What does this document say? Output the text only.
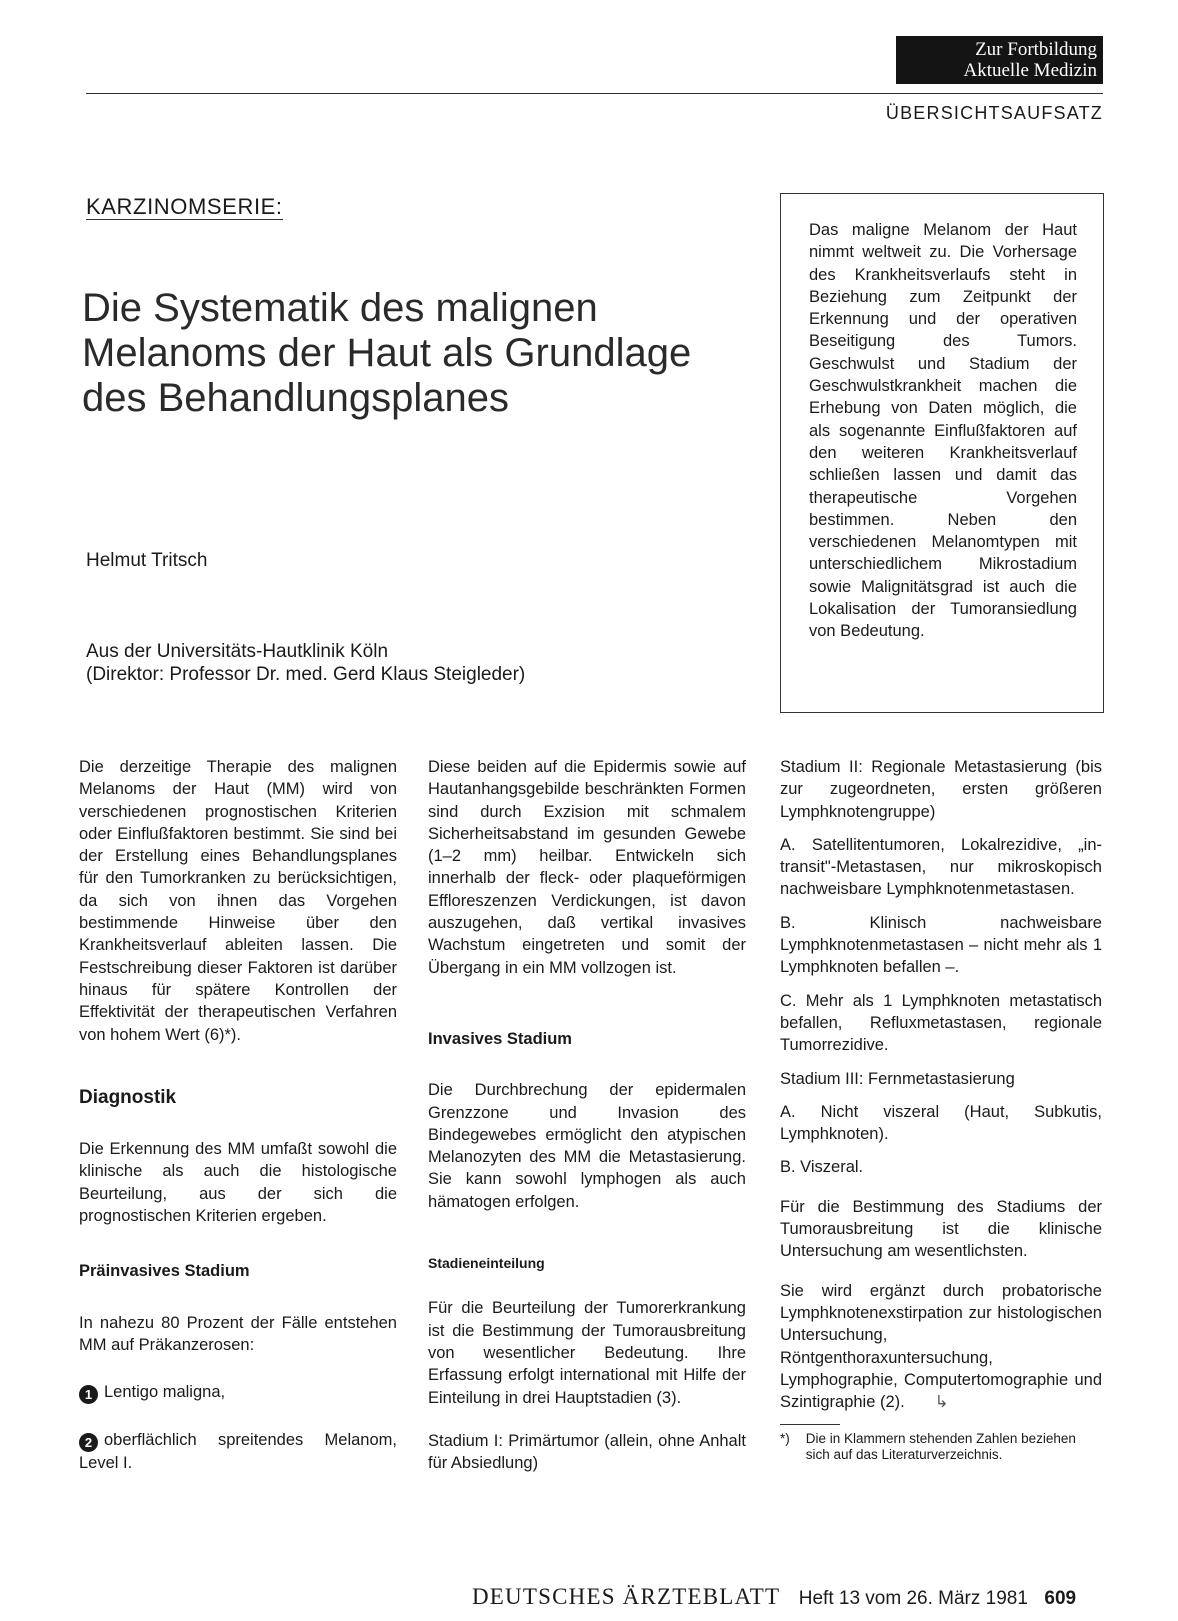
Zur Fortbildung
Aktuelle Medizin
ÜBERSICHTSAUFSATZ
KARZINOMSERIE:
Die Systematik des malignen Melanoms der Haut als Grundlage des Behandlungsplanes
Helmut Tritsch
Aus der Universitäts-Hautklinik Köln
(Direktor: Professor Dr. med. Gerd Klaus Steigleder)
Das maligne Melanom der Haut nimmt weltweit zu. Die Vorhersage des Krankheitsverlaufs steht in Beziehung zum Zeitpunkt der Erkennung und der operativen Beseitigung des Tumors. Geschwulst und Stadium der Geschwulstkrankheit machen die Erhebung von Daten möglich, die als sogenannte Einflußfaktoren auf den weiteren Krankheitsverlauf schließen lassen und damit das therapeutische Vorgehen bestimmen. Neben den verschiedenen Melanomtypen mit unterschiedlichem Mikrostadium sowie Malignitätsgrad ist auch die Lokalisation der Tumoransiedlung von Bedeutung.

Die derzeitige Therapie des malignen Melanoms der Haut (MM) wird von verschiedenen prognostischen Kriterien oder Einflußfaktoren bestimmt. Sie sind bei der Erstellung eines Behandlungsplanes für den Tumorkranken zu berücksichtigen, da sich von ihnen das Vorgehen bestimmende Hinweise über den Krankheitsverlauf ableiten lassen. Die Festschreibung dieser Faktoren ist darüber hinaus für spätere Kontrollen der Effektivität der therapeutischen Verfahren von hohem Wert (6)*).

Diagnostik

Die Erkennung des MM umfaßt sowohl die klinische als auch die histologische Beurteilung, aus der sich die prognostischen Kriterien ergeben.

Präinvasives Stadium

In nahezu 80 Prozent der Fälle entstehen MM auf Präkanzerosen:

1 Lentigo maligna,

2 oberflächlich spreitendes Melanom, Level I.

Diese beiden auf die Epidermis sowie auf Hautanhangsgebilde beschränkten Formen sind durch Exzision mit schmalem Sicherheitsabstand im gesunden Gewebe (1–2 mm) heilbar. Entwickeln sich innerhalb der fleck- oder plaqueförmigen Effloreszenzen Verdickungen, ist davon auszugehen, daß vertikal invasives Wachstum eingetreten und somit der Übergang in ein MM vollzogen ist.

Invasives Stadium

Die Durchbrechung der epidermalen Grenzzone und Invasion des Bindegewebes ermöglicht den atypischen Melanozyten des MM die Metastasierung. Sie kann sowohl lymphogen als auch hämatogen erfolgen.

Stadieneinteilung

Für die Beurteilung der Tumorerkrankung ist die Bestimmung der Tumorausbreitung von wesentlicher Bedeutung. Ihre Erfassung erfolgt international mit Hilfe der Einteilung in drei Hauptstadien (3).

Stadium I: Primärtumor (allein, ohne Anhalt für Absiedlung)

Stadium II: Regionale Metastasierung (bis zur zugeordneten, ersten größeren Lymphknotengruppe)

A. Satellitentumoren, Lokalrezidive, „in-transit"-Metastasen, nur mikroskopisch nachweisbare Lymphknotenmetastasen.

B. Klinisch nachweisbare Lymphknotenmetastasen – nicht mehr als 1 Lymphknoten befallen –.

C. Mehr als 1 Lymphknoten metastatisch befallen, Refluxmetastasen, regionale Tumorrezidive.

Stadium III: Fernmetastasierung

A. Nicht viszeral (Haut, Subkutis, Lymphknoten).

B. Viszeral.

Für die Bestimmung des Stadiums der Tumorausbreitung ist die klinische Untersuchung am wesentlichsten.

Sie wird ergänzt durch probatorische Lymphknotenexstirpation zur histologischen Untersuchung, Röntgenthoraxuntersuchung, Lymphographie, Computertomographie und Szintigraphie (2). ↳

*) Die in Klammern stehenden Zahlen beziehen sich auf das Literaturverzeichnis.
DEUTSCHES ÄRZTEBLATT Heft 13 vom 26. März 1981 609
